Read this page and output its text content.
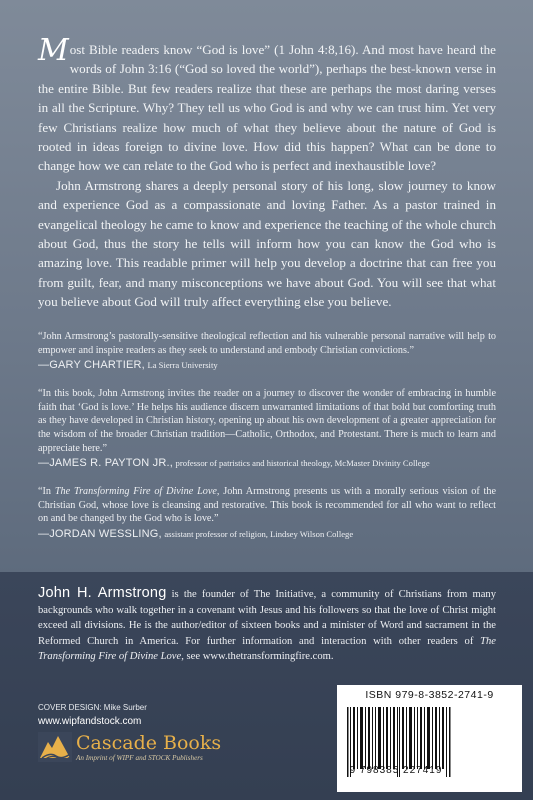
Most Bible readers know “God is love” (1 John 4:8,16). And most have heard the words of John 3:16 (“God so loved the world”), perhaps the best-known verse in the entire Bible. But few readers realize that these are perhaps the most daring verses in all the Scripture. Why? They tell us who God is and why we can trust him. Yet very few Christians realize how much of what they believe about the nature of God is rooted in ideas foreign to divine love. How did this happen? What can be done to change how we can relate to the God who is perfect and inexhaustible love?

John Armstrong shares a deeply personal story of his long, slow journey to know and experience God as a compassionate and loving Father. As a pastor trained in evangelical theology he came to know and experience the teaching of the whole church about God, thus the story he tells will inform how you can know the God who is amazing love. This readable primer will help you develop a doctrine that can free you from guilt, fear, and many misconceptions we have about God. You will see that what you believe about God will truly affect everything else you believe.

“John Armstrong’s pastorally-sensitive theological reflection and his vulnerable personal narrative will help to empower and inspire readers as they seek to understand and embody Christian convictions.”
—GARY CHARTIER, La Sierra University
“In this book, John Armstrong invites the reader on a journey to discover the wonder of embracing in humble faith that ‘God is love.’ He helps his audience discern unwarranted limitations of that bold but comforting truth as they have developed in Christian history, opening up about his own development of a greater appreciation for the wisdom of the broader Christian tradition—Catholic, Orthodox, and Protestant. There is much to learn and appreciate here.”
—JAMES R. PAYTON JR., professor of patristics and historical theology, McMaster Divinity College
“In The Transforming Fire of Divine Love, John Armstrong presents us with a morally serious vision of the Christian God, whose love is cleansing and restorative. This book is recommended for all who want to reflect on and be changed by the God who is love.”
—JORDAN WESSLING, assistant professor of religion, Lindsey Wilson College
John H. Armstrong is the founder of The Initiative, a community of Christians from many backgrounds who walk together in a covenant with Jesus and his followers so that the love of Christ might exceed all divisions. He is the author/editor of sixteen books and a minister of Word and sacrament in the Reformed Church in America. For further information and interaction with other readers of The Transforming Fire of Divine Love, see www.thetransformingfire.com.
COVER DESIGN: Mike Surber
www.wipfandstock.com
Cascade Books
An Imprint of WIPF and STOCK Publishers
ISBN 979-8-3852-2741-9
9 798385 227419
